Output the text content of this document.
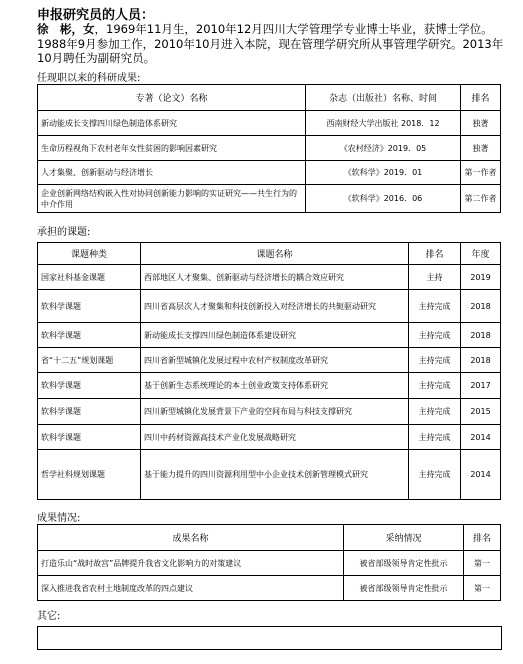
申报研究员的人员：
徐　彬，女，1969年11月生，2010年12月四川大学管理学专业博士毕业，获博士学位。1988年9月参加工作，2010年10月进入本院，现在管理学研究所从事管理学研究。2013年10月聘任为副研究员。
任现职以来的科研成果:
专著（论文）名称	杂志（出版社）名称、时间	排名
新动能成长支撑四川绿色制造体系研究	西南财经大学出版社 2018．12	独著
生命历程视角下农村老年女性贫困的影响因素研究	《农村经济》2019．05	独著
人才集聚、创新驱动与经济增长	《软科学》2019．01	第一作者
企业创新网络结构嵌入性对协同创新能力影响的实证研究——共生行为的中介作用	《软科学》2016．06	第二作者
承担的课题:
课题种类	课题名称	排名	年度
国家社科基金课题	西部地区人才聚集、创新驱动与经济增长的耦合效应研究	主持	2019
软科学课题	四川省高层次人才聚集和科技创新投入对经济增长的共轭驱动研究	主持完成	2018
软科学课题	新动能成长支撑四川绿色制造体系建设研究	主持完成	2018
省“十二五”规划课题	四川省新型城镇化发展过程中农村产权制度改革研究	主持完成	2018
软科学课题	基于创新生态系统理论的本土创业政策支持体系研究	主持完成	2017
软科学课题	四川新型城镇化发展背景下产业的空间布局与科技支撑研究	主持完成	2015
软科学课题	四川中药材资源高技术产业化发展战略研究	主持完成	2014
哲学社科规划课题	基于能力提升的四川资源利用型中小企业技术创新管理模式研究	主持完成	2014
成果情况:
成果名称	采纳情况	排名
打造乐山“战时故宫”品牌提升我省文化影响力的对策建议	被省部级领导肯定性批示	第一
深入推进我省农村土地制度改革的四点建议	被省部级领导肯定性批示	第一
其它:
